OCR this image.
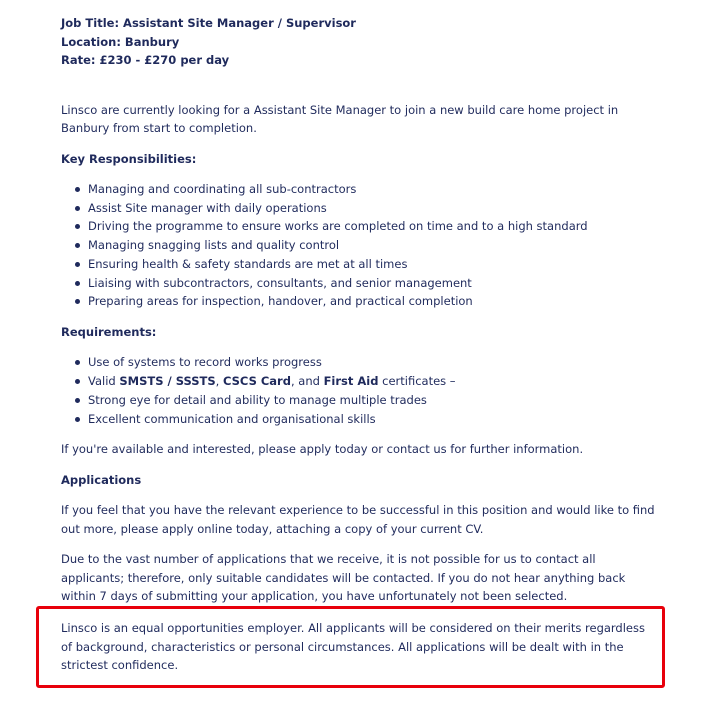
Job Title: Assistant Site Manager / Supervisor

Location: Banbury

Rate: £230 - £270 per day

Linsco are currently looking for a Assistant Site Manager to join a new build care home project in Banbury from start to completion.

Key Responsibilities:

Managing and coordinating all sub-contractors
Assist Site manager with daily operations
Driving the programme to ensure works are completed on time and to a high standard
Managing snagging lists and quality control
Ensuring health & safety standards are met at all times
Liaising with subcontractors, consultants, and senior management
Preparing areas for inspection, handover, and practical completion

Requirements:

Use of systems to record works progress
Valid SMSTS / SSSTS, CSCS Card, and First Aid certificates –
Strong eye for detail and ability to manage multiple trades
Excellent communication and organisational skills

If you're available and interested, please apply today or contact us for further information.

Applications

If you feel that you have the relevant experience to be successful in this position and would like to find out more, please apply online today, attaching a copy of your current CV.

Due to the vast number of applications that we receive, it is not possible for us to contact all applicants; therefore, only suitable candidates will be contacted. If you do not hear anything back within 7 days of submitting your application, you have unfortunately not been selected.

Linsco is an equal opportunities employer. All applicants will be considered on their merits regardless of background, characteristics or personal circumstances. All applications will be dealt with in the strictest confidence.
